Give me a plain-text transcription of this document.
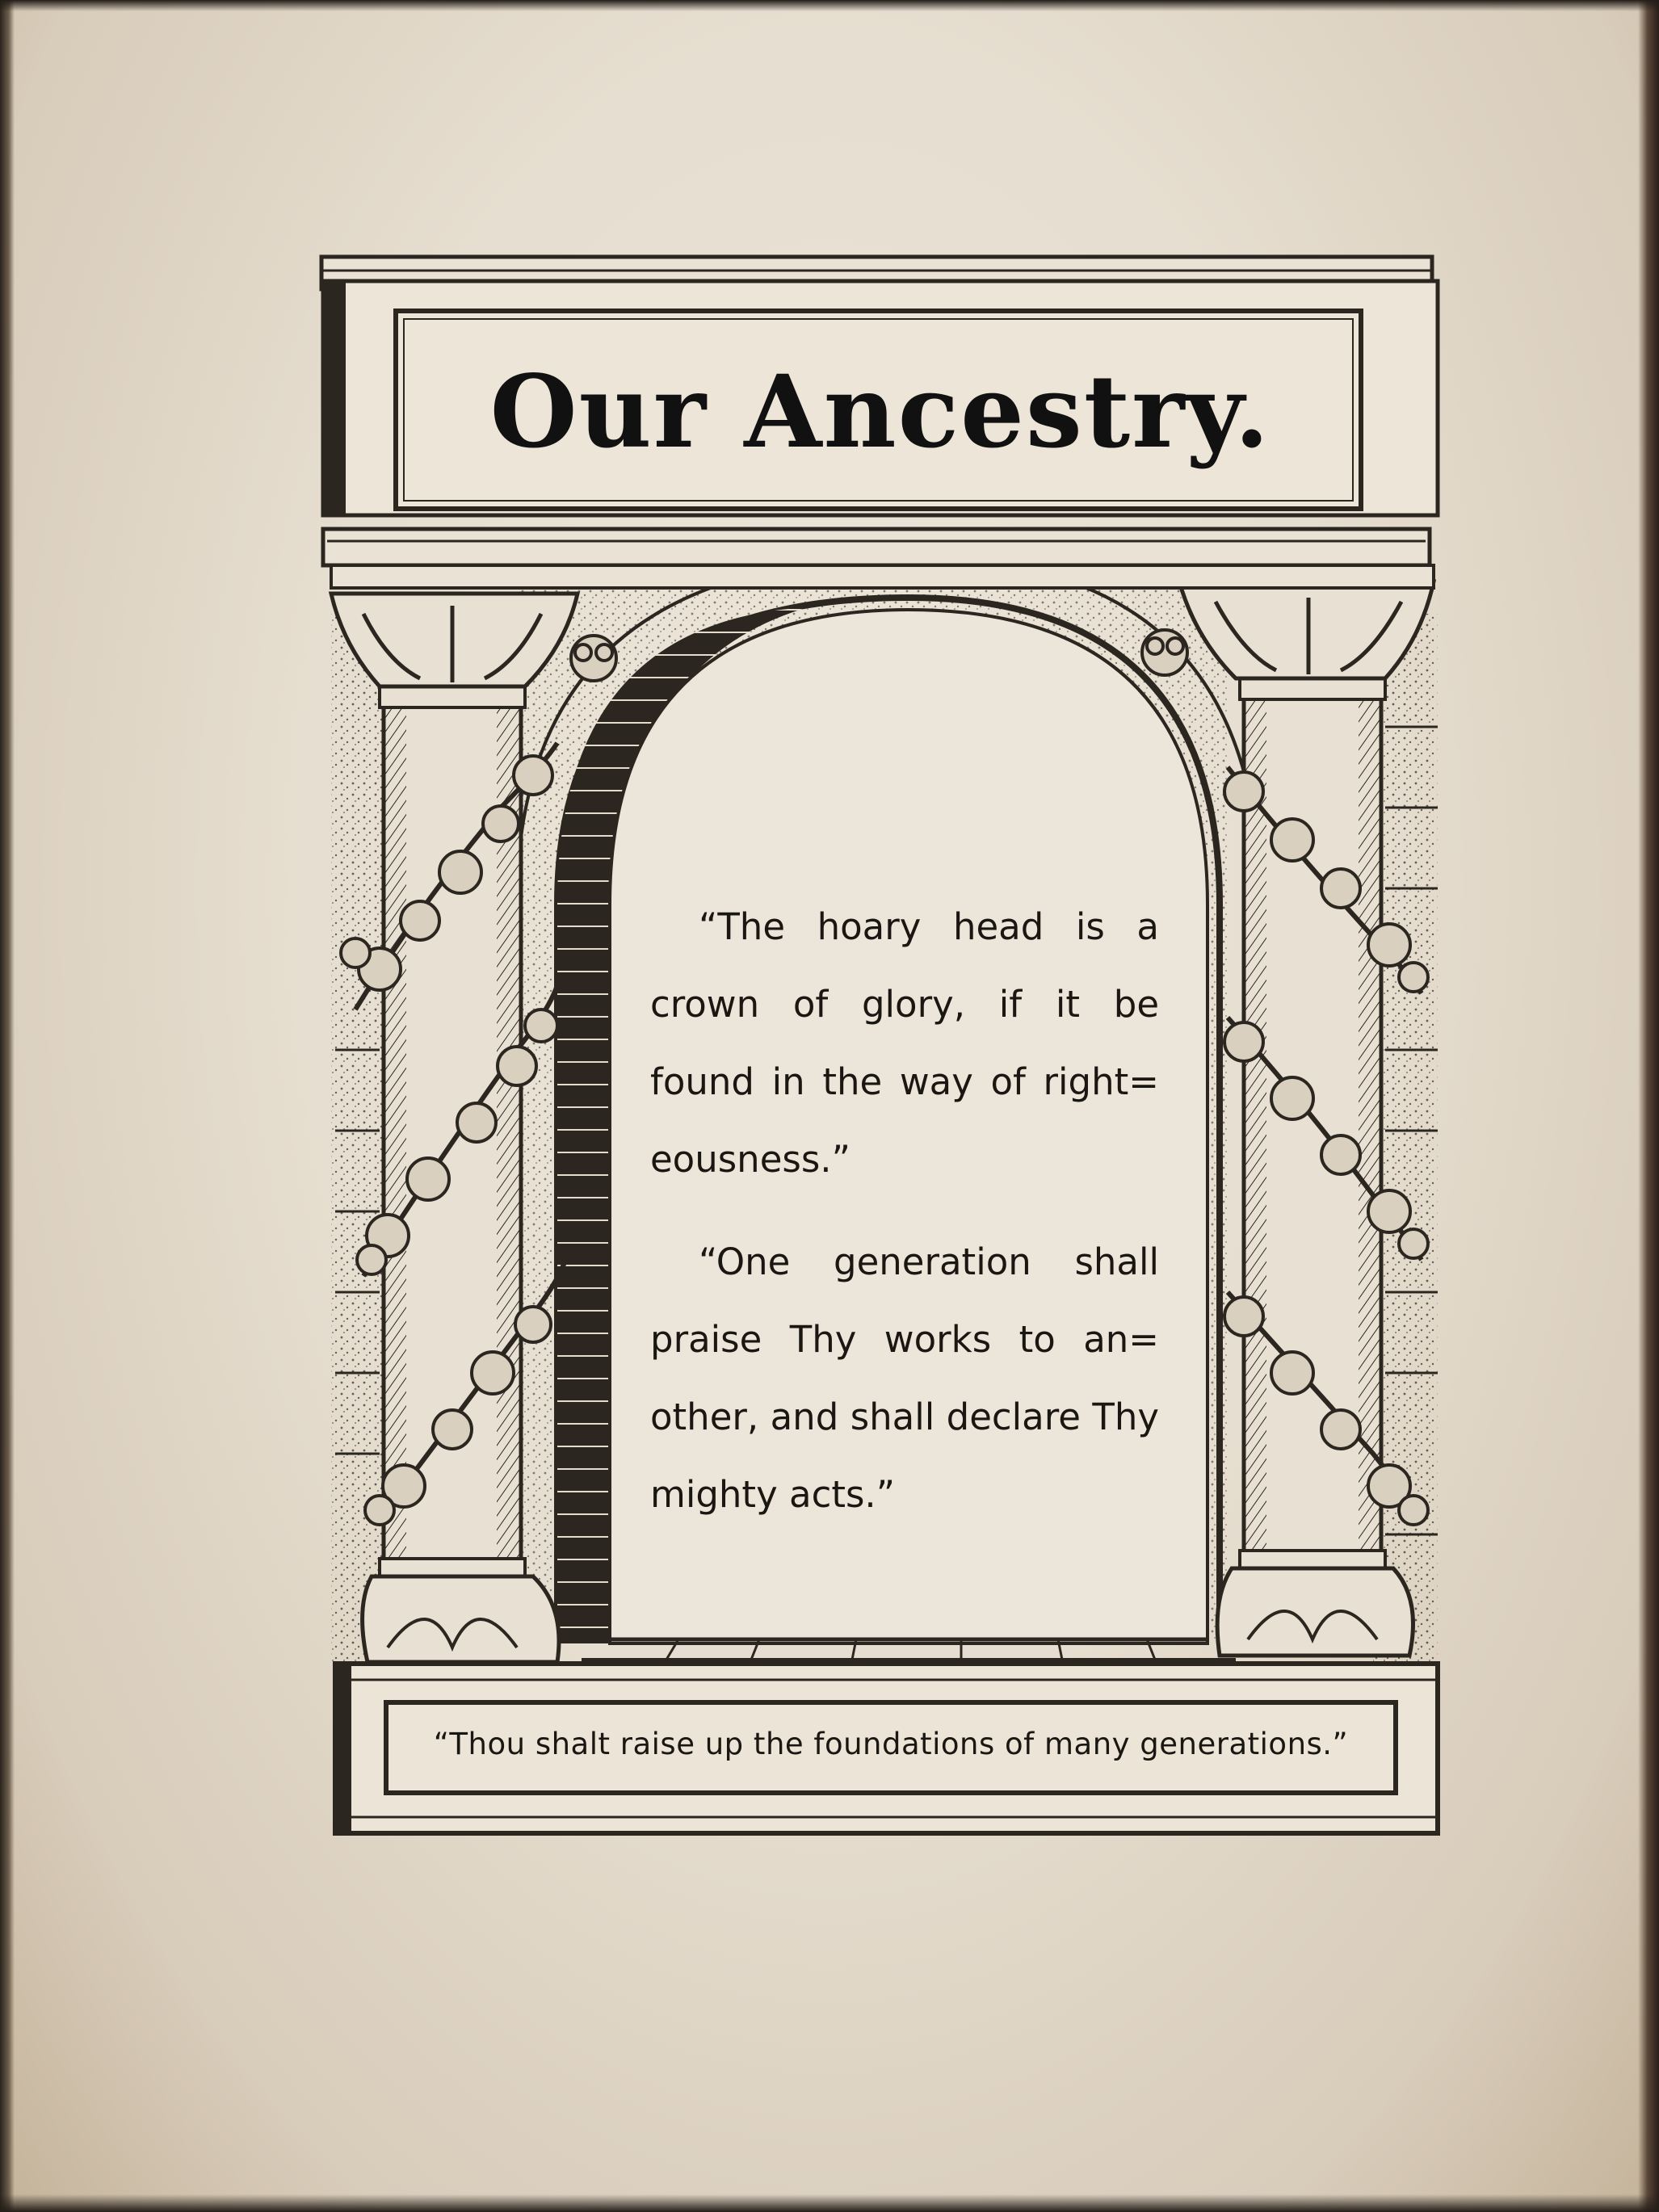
Our Ancestry.
“The hoary head is a crown of glory, if it be found in the way of right= eousness.”
“One generation shall praise Thy works to an= other, and shall declare Thy mighty acts.”
“Thou shalt raise up the foundations of many generations.”
